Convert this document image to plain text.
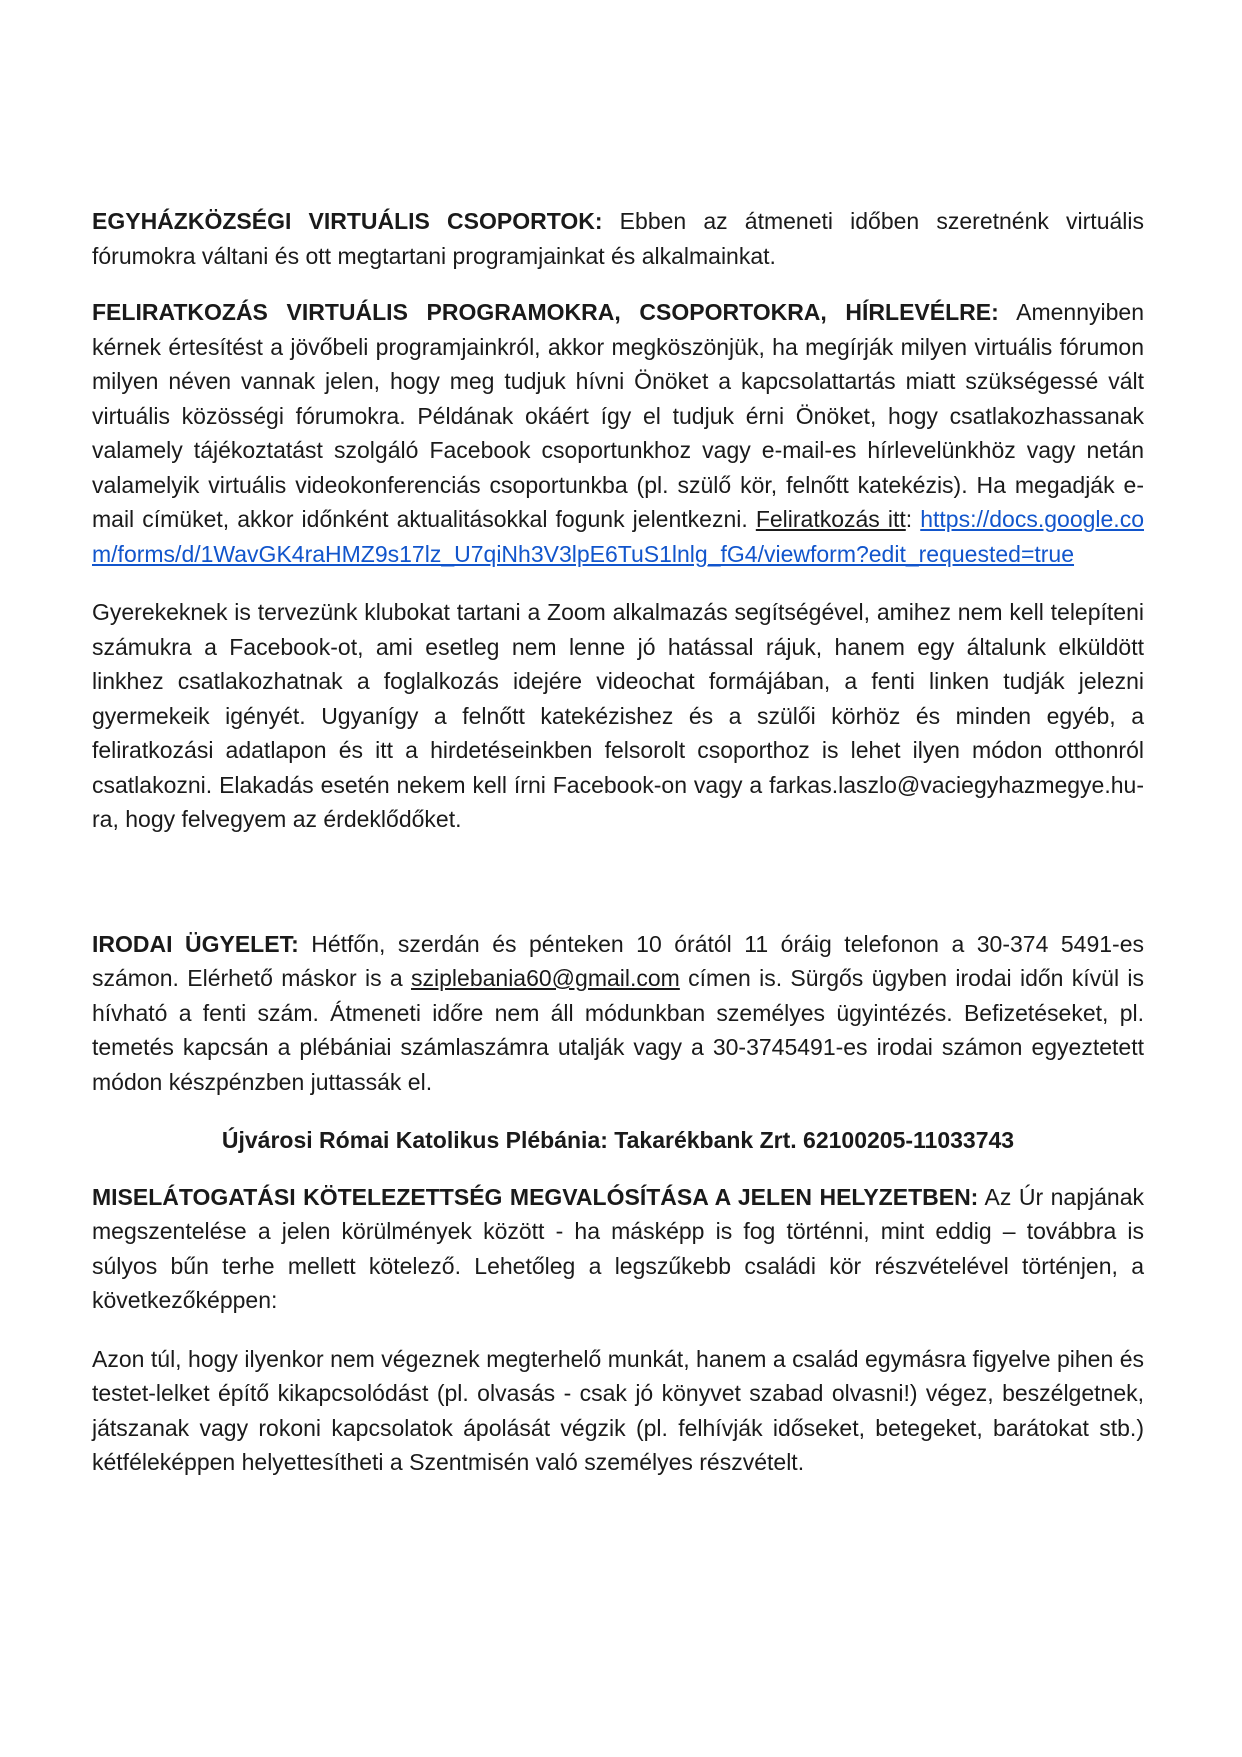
EGYHÁZKÖZSÉGI VIRTUÁLIS CSOPORTOK: Ebben az átmeneti időben szeretnénk virtuális fórumokra váltani és ott megtartani programjainkat és alkalmainkat.

FELIRATKOZÁS VIRTUÁLIS PROGRAMOKRA, CSOPORTOKRA, HÍRLEVÉLRE: Amennyiben kérnek értesítést a jövőbeli programjainkról, akkor megköszönjük, ha megírják milyen virtuális fórumon milyen néven vannak jelen, hogy meg tudjuk hívni Önöket a kapcsolattartás miatt szükségessé vált virtuális közösségi fórumokra. Példának okáért így el tudjuk érni Önöket, hogy csatlakozhassanak valamely tájékoztatást szolgáló Facebook csoportunkhoz vagy e-mail-es hírlevelünkhöz vagy netán valamelyik virtuális videokonferenciás csoportunkba (pl. szülő kör, felnőtt katekézis). Ha megadják e-mail címüket, akkor időnként aktualitásokkal fogunk jelentkezni. Feliratkozás itt: https://docs.google.com/forms/d/1WavGK4raHMZ9s17lz_U7qiNh3V3lpE6TuS1lnlg_fG4/viewform?edit_requested=true

Gyerekeknek is tervezünk klubokat tartani a Zoom alkalmazás segítségével, amihez nem kell telepíteni számukra a Facebook-ot, ami esetleg nem lenne jó hatással rájuk, hanem egy általunk elküldött linkhez csatlakozhatnak a foglalkozás idejére videochat formájában, a fenti linken tudják jelezni gyermekeik igényét. Ugyanígy a felnőtt katekézishez és a szülői körhöz és minden egyéb, a feliratkozási adatlapon és itt a hirdetéseinkben felsorolt csoporthoz is lehet ilyen módon otthonról csatlakozni. Elakadás esetén nekem kell írni Facebook-on vagy a farkas.laszlo@vaciegyhazmegye.hu-ra, hogy felvegyem az érdeklődőket.

IRODAI ÜGYELET: Hétfőn, szerdán és pénteken 10 órától 11 óráig telefonon a 30-374 5491-es számon. Elérhető máskor is a sziplebania60@gmail.com címen is. Sürgős ügyben irodai időn kívül is hívható a fenti szám. Átmeneti időre nem áll módunkban személyes ügyintézés. Befizetéseket, pl. temetés kapcsán a plébániai számlaszámra utalják vagy a 30-3745491-es irodai számon egyeztetett módon készpénzben juttassák el.

Újvárosi Római Katolikus Plébánia: Takarékbank Zrt. 62100205-11033743

MISELÁTOGATÁSI KÖTELEZETTSÉG MEGVALÓSÍTÁSA A JELEN HELYZETBEN: Az Úr napjának megszentelése a jelen körülmények között - ha másképp is fog történni, mint eddig – továbbra is súlyos bűn terhe mellett kötelező. Lehetőleg a legszűkebb családi kör részvételével történjen, a következőképpen:

Azon túl, hogy ilyenkor nem végeznek megterhelő munkát, hanem a család egymásra figyelve pihen és testet-lelket építő kikapcsolódást (pl. olvasás - csak jó könyvet szabad olvasni!) végez, beszélgetnek, játszanak vagy rokoni kapcsolatok ápolását végzik (pl. felhívják időseket, betegeket, barátokat stb.) kétféleképpen helyettesítheti a Szentmisén való személyes részvételt.
